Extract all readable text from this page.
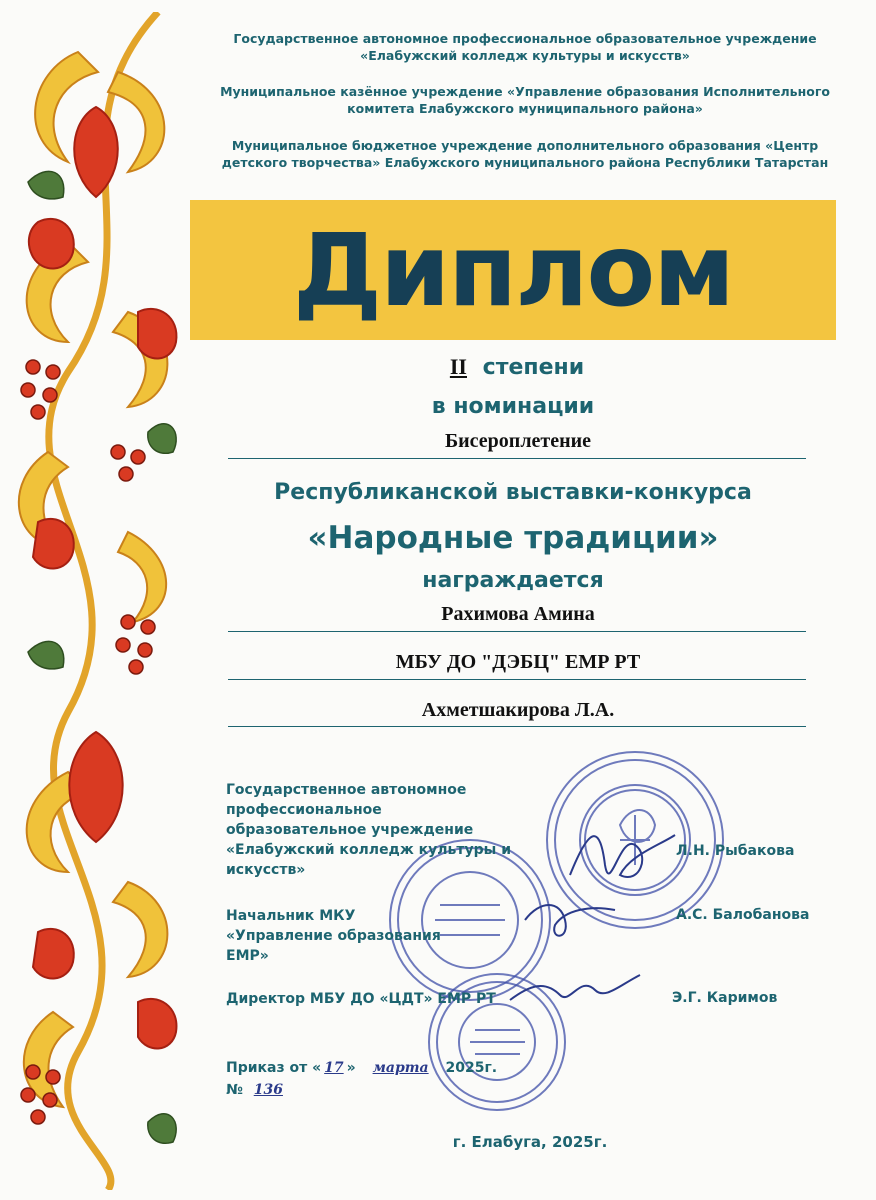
Государственное автономное профессиональное образовательное учреждение «Елабужский колледж культуры и искусств»
Муниципальное казённое учреждение «Управление образования Исполнительного комитета Елабужского муниципального района»
Муниципальное бюджетное учреждение дополнительного образования «Центр детского творчества» Елабужского муниципального района Республики Татарстан
Диплом
II степени
в номинации
Бисероплетение
Республиканской выставки-конкурса
«Народные традиции»
награждается
Рахимова Амина
МБУ ДО "ДЭБЦ" ЕМР РТ
Ахметшакирова Л.А.
Государственное автономное профессиональное образовательное учреждение «Елабужский колледж культуры и искусств»
Л.Н. Рыбакова
Начальник МКУ «Управление образования ЕМР»
А.С. Балобанова
Директор МБУ ДО «ЦДТ» ЕМР РТ	Э.Г. Каримов
Приказ от « 17 » марта 2025г.
№ 136
г. Елабуга, 2025г.
